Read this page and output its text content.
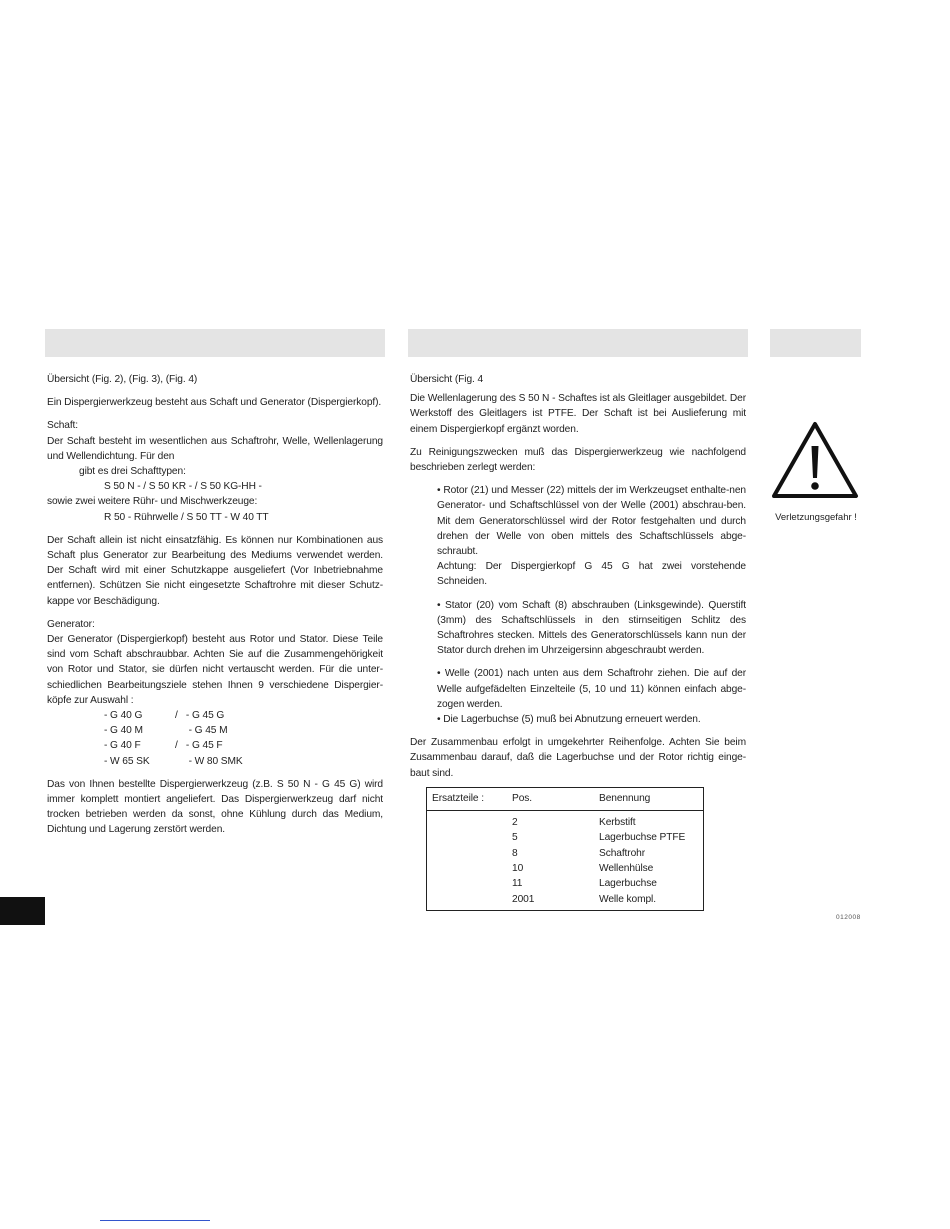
Übersicht (Fig. 2), (Fig. 3), (Fig. 4)

Ein Dispergierwerkzeug besteht aus Schaft und Generator (Dispergierkopf).

Schaft:

Der Schaft besteht im wesentlichen aus Schaftrohr, Welle, Wellenlagerung und Wellendichtung. Für den

gibt es drei Schafttypen:

S 50 N - / S 50 KR - / S 50 KG-HH -

sowie zwei weitere Rühr- und Mischwerkzeuge:

R 50 - Rührwelle / S 50 TT - W 40 TT

Der Schaft allein ist nicht einsatzfähig. Es können nur Kombinationen aus Schaft plus Generator zur Bearbeitung des Mediums verwendet werden. Der Schaft wird mit einer Schutzkappe ausgeliefert (Vor Inbetriebnahme entfernen). Schützen Sie nicht eingesetzte Schaftrohre mit dieser Schutz-kappe vor Beschädigung.

Generator:

Der Generator (Dispergierkopf) besteht aus Rotor und Stator. Diese Teile sind vom Schaft abschraubbar. Achten Sie auf die Zusammengehörigkeit von Rotor und Stator, sie dürfen nicht vertauscht werden. Für die unter-schiedlichen Bearbeitungsziele stehen Ihnen 9 verschiedene Dispergier-köpfe zur Auswahl :

- G 40 G	/   - G 45 G
- G 40 M	- G 45 M
- G 40 F	/   - G 45 F
- W 65 SK	- W 80 SMK

Das von Ihnen bestellte Dispergierwerkzeug (z.B. S 50 N - G 45 G) wird immer komplett montiert angeliefert. Das Dispergierwerkzeug darf nicht trocken betrieben werden da sonst, ohne Kühlung durch das Medium, Dichtung und Lagerung zerstört werden.

Übersicht (Fig. 4

Die Wellenlagerung des S 50 N - Schaftes ist als Gleitlager ausgebildet. Der Werkstoff des Gleitlagers ist PTFE. Der Schaft ist bei Auslieferung mit einem Dispergierkopf ergänzt worden.

Zu Reinigungszwecken muß das Dispergierwerkzeug wie nachfolgend beschrieben zerlegt werden:

• Rotor (21) und Messer (22) mittels der im Werkzeugset enthalte-nen Generator- und Schaftschlüssel von der Welle (2001) abschrau-ben. Mit dem Generatorschlüssel wird der Rotor festgehalten und durch drehen der Welle von oben mittels des Schaftschlüssels abge-schraubt.

Achtung: Der Dispergierkopf G 45 G hat zwei vorstehende Schneiden.

• Stator (20) vom Schaft (8) abschrauben (Linksgewinde). Querstift (3mm) des Schaftschlüssels in den stirnseitigen Schlitz des Schaftrohres stecken. Mittels des Generatorschlüssels kann nun der Stator durch drehen im Uhrzeigersinn abgeschraubt werden.

• Welle (2001) nach unten aus dem Schaftrohr ziehen. Die auf der Welle aufgefädelten Einzelteile (5, 10 und 11) können einfach abge-zogen werden.

• Die Lagerbuchse (5) muß bei Abnutzung erneuert werden.

Der Zusammenbau erfolgt in umgekehrter Reihenfolge. Achten Sie beim Zusammenbau darauf, daß die Lagerbuchse und der Rotor richtig einge-baut sind.

Ersatzteile :	Pos.	Benennung
2	Kerbstift
5	Lagerbuchse PTFE
8	Schaftrohr
10	Wellenhülse
11	Lagerbuchse
2001	Welle kompl.
Verletzungsgefahr !
012008
